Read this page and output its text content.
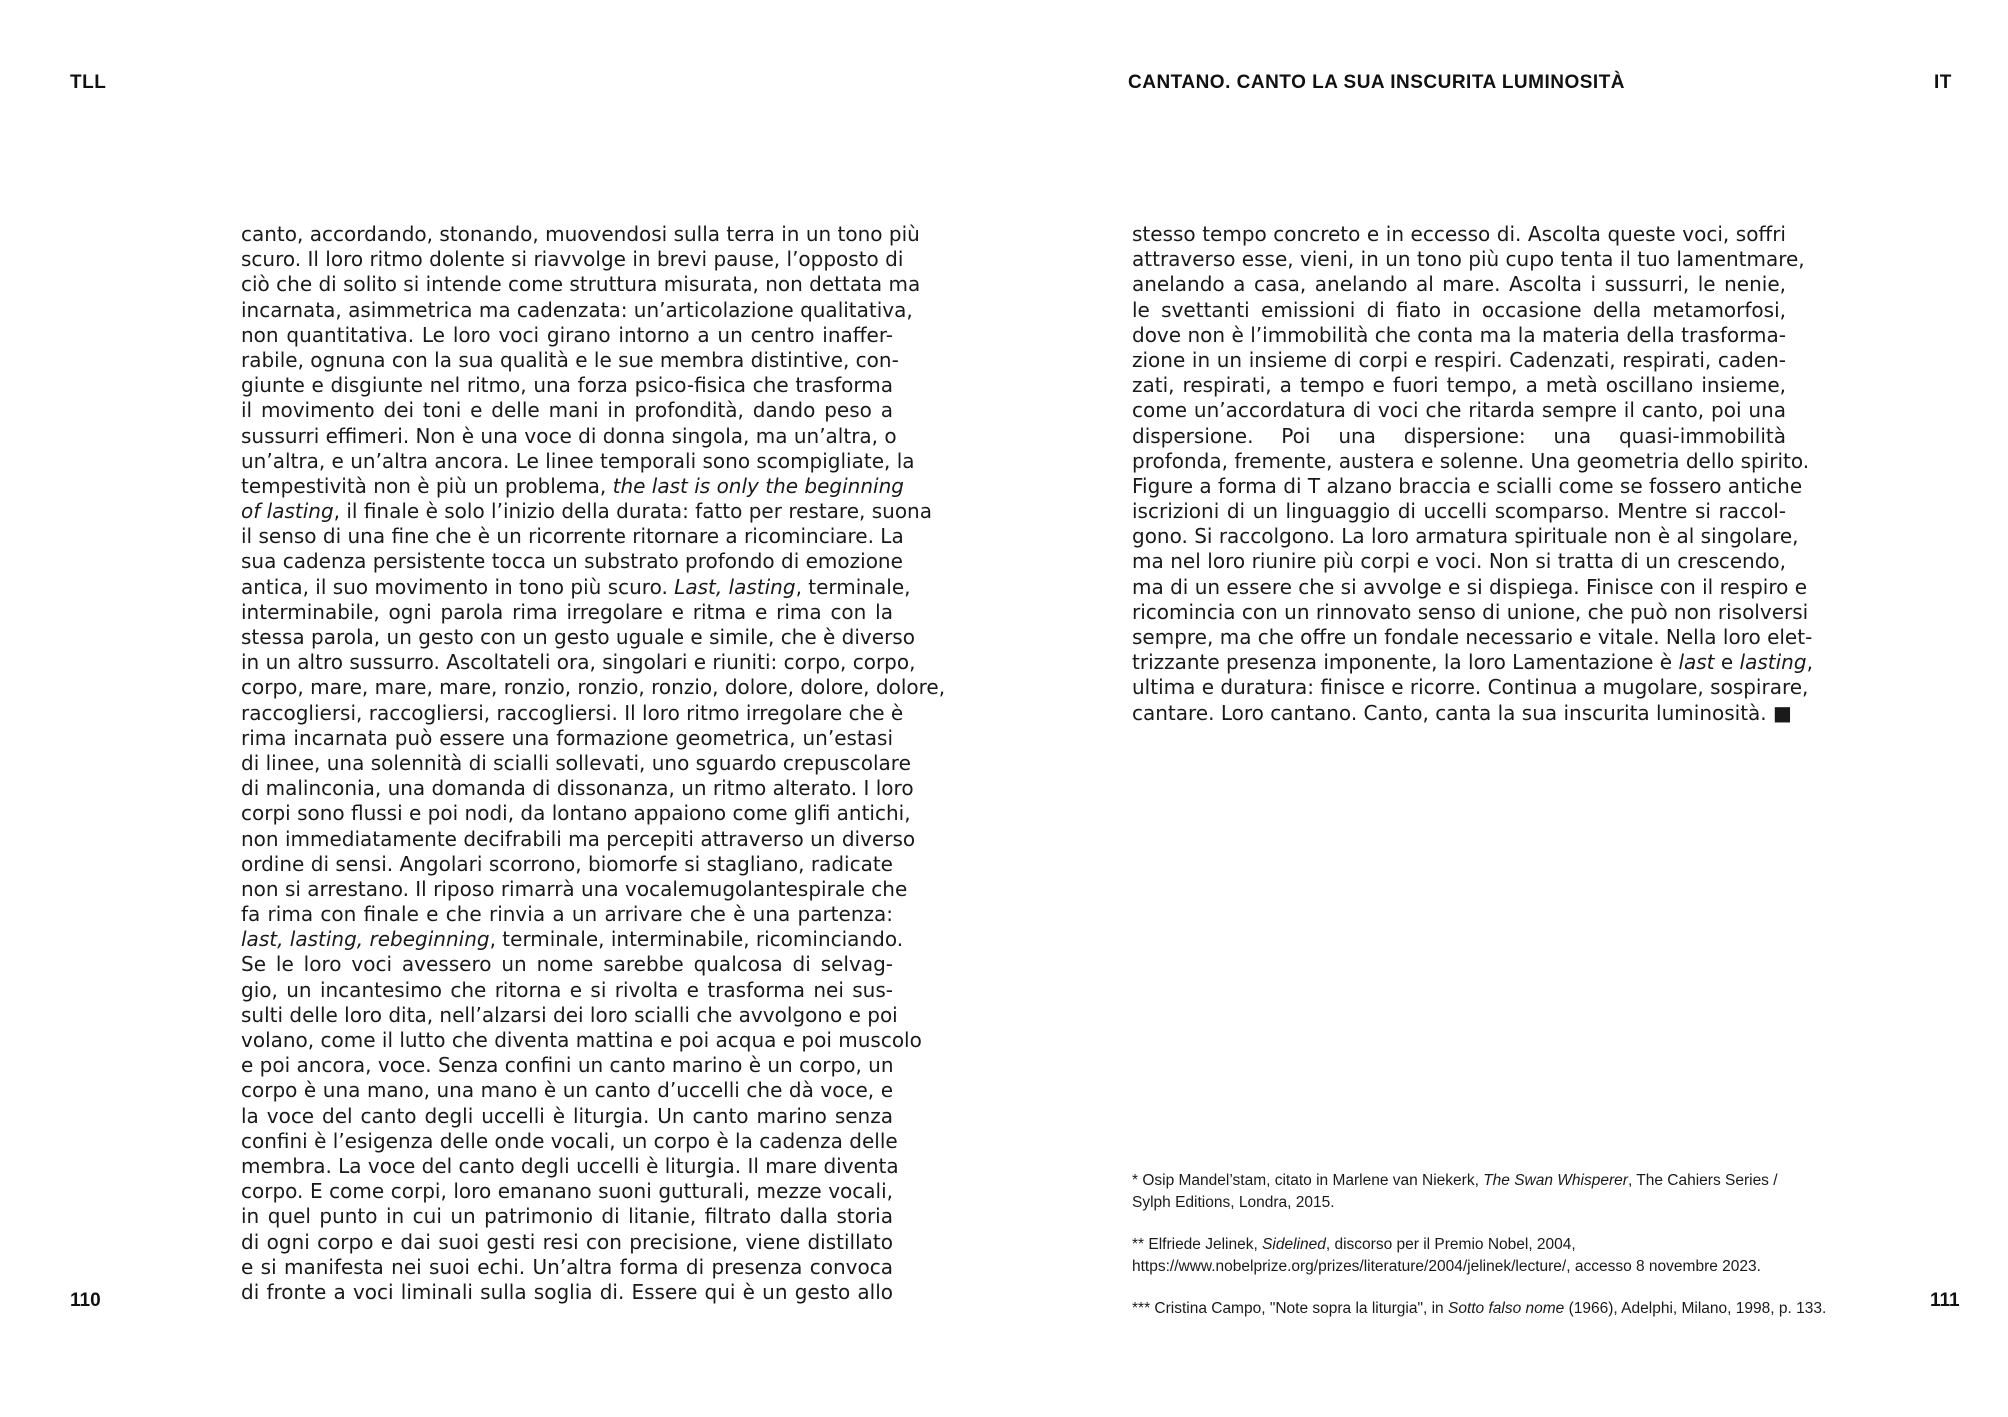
TLL
canto, accordando, stonando, muovendosi sulla terra in un tono più
scuro. Il loro ritmo dolente si riavvolge in brevi pause, l’opposto di
ciò che di solito si intende come struttura misurata, non dettata ma
incarnata, asimmetrica ma cadenzata: un’articolazione qualitativa,
non quantitativa. Le loro voci girano intorno a un centro inaffer-
rabile, ognuna con la sua qualità e le sue membra distintive, con-
giunte e disgiunte nel ritmo, una forza psico-fisica che trasforma
il movimento dei toni e delle mani in profondità, dando peso a
sussurri effimeri. Non è una voce di donna singola, ma un’altra, o
un’altra, e un’altra ancora. Le linee temporali sono scompigliate, la
tempestività non è più un problema, the last is only the beginning
of lasting, il finale è solo l’inizio della durata: fatto per restare, suona
il senso di una fine che è un ricorrente ritornare a ricominciare. La
sua cadenza persistente tocca un substrato profondo di emozione
antica, il suo movimento in tono più scuro. Last, lasting, terminale,
interminabile, ogni parola rima irregolare e ritma e rima con la
stessa parola, un gesto con un gesto uguale e simile, che è diverso
in un altro sussurro. Ascoltateli ora, singolari e riuniti: corpo, corpo,
corpo, mare, mare, mare, ronzio, ronzio, ronzio, dolore, dolore, dolore,
raccogliersi, raccogliersi, raccogliersi. Il loro ritmo irregolare che è
rima incarnata può essere una formazione geometrica, un’estasi
di linee, una solennità di scialli sollevati, uno sguardo crepuscolare
di malinconia, una domanda di dissonanza, un ritmo alterato. I loro
corpi sono flussi e poi nodi, da lontano appaiono come glifi antichi,
non immediatamente decifrabili ma percepiti attraverso un diverso
ordine di sensi. Angolari scorrono, biomorfe si stagliano, radicate
non si arrestano. Il riposo rimarrà una vocalemugolantespirale che
fa rima con finale e che rinvia a un arrivare che è una partenza:
last, lasting, rebeginning, terminale, interminabile, ricominciando.
Se le loro voci avessero un nome sarebbe qualcosa di selvag-
gio, un incantesimo che ritorna e si rivolta e trasforma nei sus-
sulti delle loro dita, nell’alzarsi dei loro scialli che avvolgono e poi
volano, come il lutto che diventa mattina e poi acqua e poi muscolo
e poi ancora, voce. Senza confini un canto marino è un corpo, un
corpo è una mano, una mano è un canto d’uccelli che dà voce, e
la voce del canto degli uccelli è liturgia. Un canto marino senza
confini è l’esigenza delle onde vocali, un corpo è la cadenza delle
membra. La voce del canto degli uccelli è liturgia. Il mare diventa
corpo. E come corpi, loro emanano suoni gutturali, mezze vocali,
in quel punto in cui un patrimonio di litanie, filtrato dalla storia
di ogni corpo e dai suoi gesti resi con precisione, viene distillato
e si manifesta nei suoi echi. Un’altra forma di presenza convoca
di fronte a voci liminali sulla soglia di. Essere qui è un gesto allo
110
CANTANO. CANTO LA SUA INSCURITA LUMINOSITÀ	IT
stesso tempo concreto e in eccesso di. Ascolta queste voci, soffri
attraverso esse, vieni, in un tono più cupo tenta il tuo lamentmare,
anelando a casa, anelando al mare. Ascolta i sussurri, le nenie,
le svettanti emissioni di fiato in occasione della metamorfosi,
dove non è l’immobilità che conta ma la materia della trasforma-
zione in un insieme di corpi e respiri. Cadenzati, respirati, caden-
zati, respirati, a tempo e fuori tempo, a metà oscillano insieme,
come un’accordatura di voci che ritarda sempre il canto, poi una
dispersione. Poi una dispersione: una quasi-immobilità
profonda, fremente, austera e solenne. Una geometria dello spirito.
Figure a forma di T alzano braccia e scialli come se fossero antiche
iscrizioni di un linguaggio di uccelli scomparso. Mentre si raccol-
gono. Si raccolgono. La loro armatura spirituale non è al singolare,
ma nel loro riunire più corpi e voci. Non si tratta di un crescendo,
ma di un essere che si avvolge e si dispiega. Finisce con il respiro e
ricomincia con un rinnovato senso di unione, che può non risolversi
sempre, ma che offre un fondale necessario e vitale. Nella loro elet-
trizzante presenza imponente, la loro Lamentazione è last e lasting,
ultima e duratura: finisce e ricorre. Continua a mugolare, sospirare,
cantare. Loro cantano. Canto, canta la sua inscurita luminosità. ■
* Osip Mandel’stam, citato in Marlene van Niekerk, The Swan Whisperer, The Cahiers Series /
Sylph Editions, Londra, 2015.
** Elfriede Jelinek, Sidelined, discorso per il Premio Nobel, 2004,
https://www.nobelprize.org/prizes/literature/2004/jelinek/lecture/, accesso 8 novembre 2023.
*** Cristina Campo, "Note sopra la liturgia", in Sotto falso nome (1966), Adelphi, Milano, 1998, p. 133.	111
